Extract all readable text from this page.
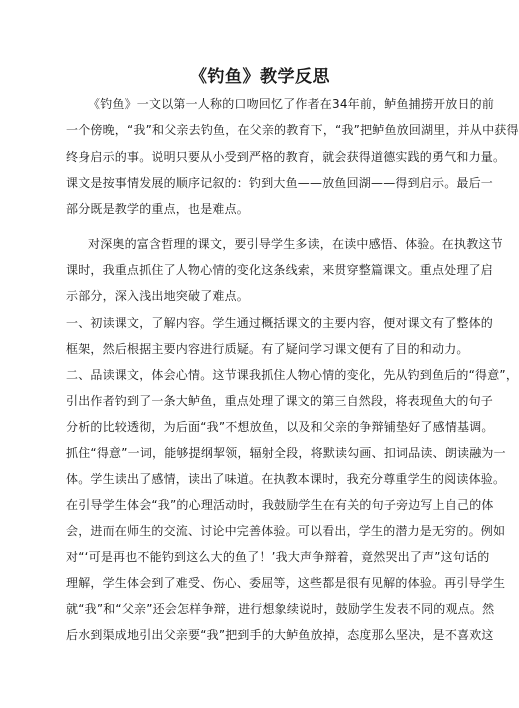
《钓鱼》教学反思
《钓鱼》一文以第一人称的口吻回忆了作者在34年前，鲈鱼捕捞开放日的前
一个傍晚，“我”和父亲去钓鱼，在父亲的教育下，“我”把鲈鱼放回湖里，并从中获得
终身启示的事。说明只要从小受到严格的教育，就会获得道德实践的勇气和力量。
课文是按事情发展的顺序记叙的：钓到大鱼——放鱼回湖——得到启示。最后一
部分既是教学的重点，也是难点。
对深奥的富含哲理的课文，要引导学生多读，在读中感悟、体验。在执教这节
课时，我重点抓住了人物心情的变化这条线索，来贯穿整篇课文。重点处理了启
示部分，深入浅出地突破了难点。
一、初读课文，了解内容。学生通过概括课文的主要内容，便对课文有了整体的
框架，然后根据主要内容进行质疑。有了疑问学习课文便有了目的和动力。
二、品读课文，体会心情。这节课我抓住人物心情的变化，先从钓到鱼后的“得意”，
引出作者钓到了一条大鲈鱼，重点处理了课文的第三自然段，将表现鱼大的句子
分析的比较透彻，为后面“我”不想放鱼，以及和父亲的争辩铺垫好了感情基调。
抓住“得意”一词，能够提纲挈领，辐射全段，将默读勾画、扣词品读、朗读融为一
体。学生读出了感情，读出了味道。在执教本课时，我充分尊重学生的阅读体验。
在引导学生体会“我”的心理活动时，我鼓励学生在有关的句子旁边写上自己的体
会，进而在师生的交流、讨论中完善体验。可以看出，学生的潜力是无穷的。例如
对“‘可是再也不能钓到这么大的鱼了！’我大声争辩着，竟然哭出了声”这句话的
理解，学生体会到了难受、伤心、委屈等，这些都是很有见解的体验。再引导学生
就“我”和“父亲”还会怎样争辩，进行想象续说时，鼓励学生发表不同的观点。然
后水到渠成地引出父亲要“我”把到手的大鲈鱼放掉，态度那么坚决，是不喜欢这
